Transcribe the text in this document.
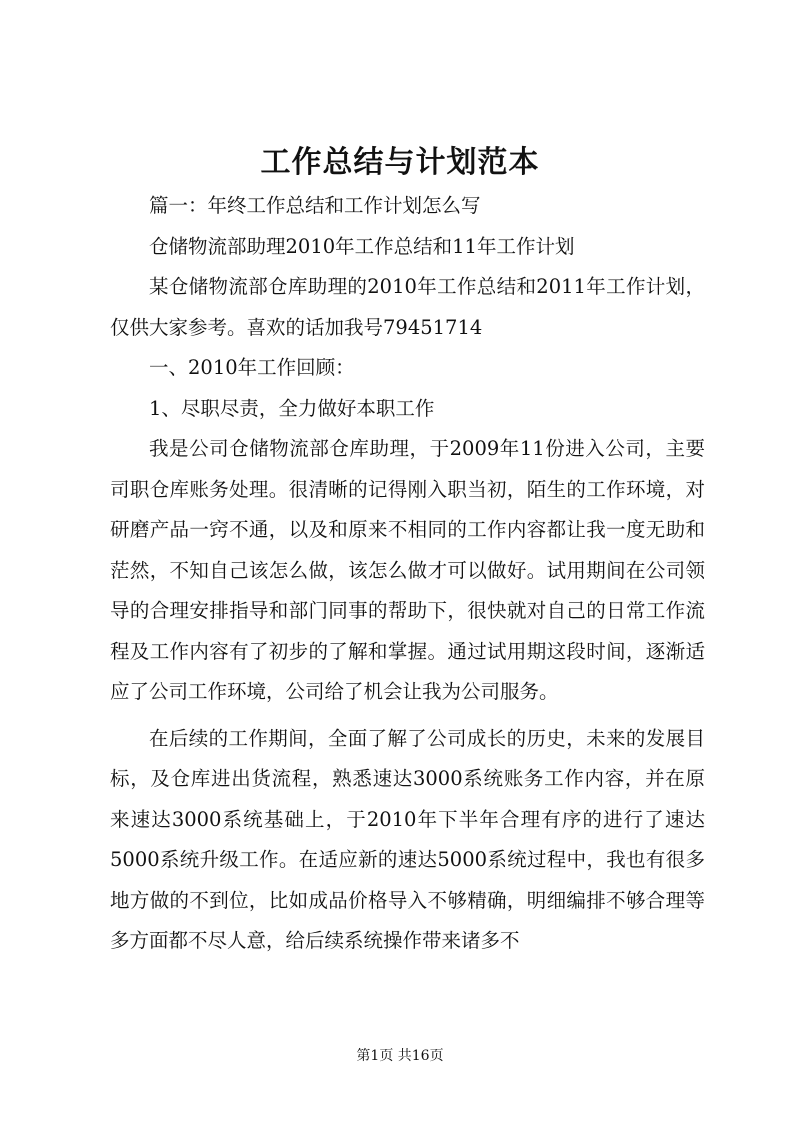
工作总结与计划范本

篇一：年终工作总结和工作计划怎么写

仓储物流部助理2010年工作总结和11年工作计划

某仓储物流部仓库助理的2010年工作总结和2011年工作计划，仅供大家参考。喜欢的话加我号79451714

一、2010年工作回顾：

1、尽职尽责，全力做好本职工作

我是公司仓储物流部仓库助理，于2009年11份进入公司，主要司职仓库账务处理。很清晰的记得刚入职当初，陌生的工作环境，对研磨产品一窍不通，以及和原来不相同的工作内容都让我一度无助和茫然，不知自己该怎么做，该怎么做才可以做好。试用期间在公司领导的合理安排指导和部门同事的帮助下，很快就对自己的日常工作流程及工作内容有了初步的了解和掌握。通过试用期这段时间，逐渐适应了公司工作环境，公司给了机会让我为公司服务。

在后续的工作期间，全面了解了公司成长的历史，未来的发展目标，及仓库进出货流程，熟悉速达3000系统账务工作内容，并在原来速达3000系统基础上，于2010年下半年合理有序的进行了速达5000系统升级工作。在适应新的速达5000系统过程中，我也有很多地方做的不到位，比如成品价格导入不够精确，明细编排不够合理等多方面都不尽人意，给后续系统操作带来诸多不

第1页 共16页
